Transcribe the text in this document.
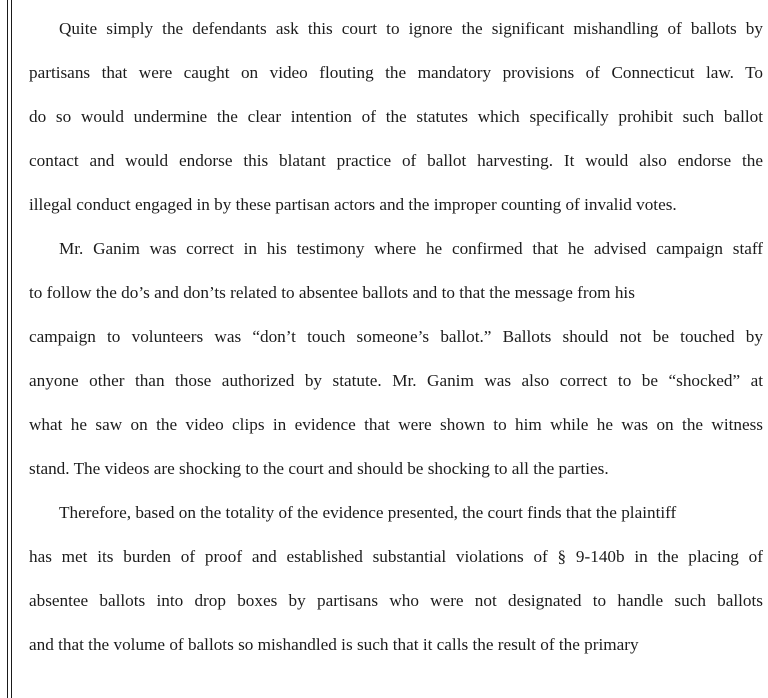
Quite simply the defendants ask this court to ignore the significant mishandling of ballots by
partisans that were caught on video flouting the mandatory provisions of Connecticut law. To
do so would undermine the clear intention of the statutes which specifically prohibit such ballot
contact and would endorse this blatant practice of ballot harvesting. It would also endorse the
illegal conduct engaged in by these partisan actors and the improper counting of invalid votes.
Mr. Ganim was correct in his testimony where he confirmed that he advised campaign staff
to follow the do’s and don’ts related to absentee ballots and to that the message from his
campaign to volunteers was “don’t touch someone’s ballot.” Ballots should not be touched by
anyone other than those authorized by statute. Mr. Ganim was also correct to be “shocked” at
what he saw on the video clips in evidence that were shown to him while he was on the witness
stand. The videos are shocking to the court and should be shocking to all the parties.
Therefore, based on the totality of the evidence presented, the court finds that the plaintiff
has met its burden of proof and established substantial violations of § 9-140b in the placing of
absentee ballots into drop boxes by partisans who were not designated to handle such ballots
and that the volume of ballots so mishandled is such that it calls the result of the primary
